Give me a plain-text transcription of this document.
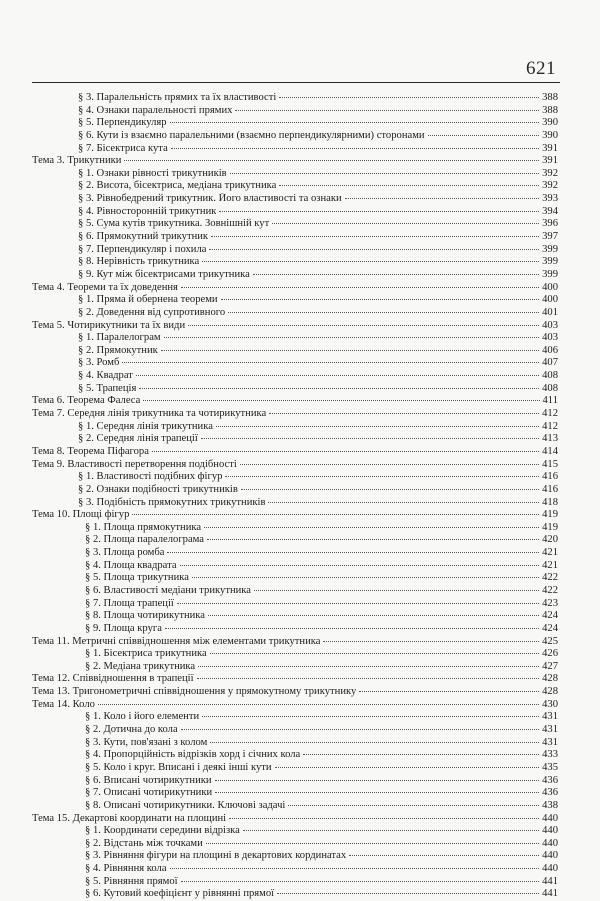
621
§ 3. Паралельність прямих та їх властивості	388
§ 4. Ознаки паралельності прямих	388
§ 5. Перпендикуляр	390
§ 6. Кути із взаємно паралельними (взаємно перпендикулярними) сторонами	390
§ 7. Бісектриса кута	391
Тема 3. Трикутники	391
§ 1. Ознаки рівності трикутників	392
§ 2. Висота, бісектриса, медіана трикутника	392
§ 3. Рівнобедрений трикутник. Його властивості та ознаки	393
§ 4. Рівносторонній трикутник	394
§ 5. Сума кутів трикутника. Зовнішній кут	396
§ 6. Прямокутний трикутник	397
§ 7. Перпендикуляр і похила	399
§ 8. Нерівність трикутника	399
§ 9. Кут між бісектрисами трикутника	399
Тема 4. Теореми та їх доведення	400
§ 1. Пряма й обернена теореми	400
§ 2. Доведення від супротивного	401
Тема 5. Чотирикутники та їх види	403
§ 1. Паралелограм	403
§ 2. Прямокутник	406
§ 3. Ромб	407
§ 4. Квадрат	408
§ 5. Трапеція	408
Тема 6. Теорема Фалеса	411
Тема 7. Середня лінія трикутника та чотирикутника	412
§ 1. Середня лінія трикутника	412
§ 2. Середня лінія трапеції	413
Тема 8. Теорема Піфагора	414
Тема 9. Властивості перетворення подібності	415
§ 1. Властивості подібних фігур	416
§ 2. Ознаки подібності трикутників	416
§ 3. Подібність прямокутних трикутників	418
Тема 10. Площі фігур	419
§ 1. Площа прямокутника	419
§ 2. Площа паралелограма	420
§ 3. Площа ромба	421
§ 4. Площа квадрата	421
§ 5. Площа трикутника	422
§ 6. Властивості медіани трикутника	422
§ 7. Площа трапеції	423
§ 8. Площа чотирикутника	424
§ 9. Площа круга	424
Тема 11. Метричні співвідношення між елементами трикутника	425
§ 1. Бісектриса трикутника	426
§ 2. Медіана трикутника	427
Тема 12. Співвідношення в трапеції	428
Тема 13. Тригонометричні співвідношення у прямокутному трикутнику	428
Тема 14. Коло	430
§ 1. Коло і його елементи	431
§ 2. Дотична до кола	431
§ 3. Кути, пов'язані з колом	431
§ 4. Пропорційність відрізків хорд і січних кола	433
§ 5. Коло і круг. Вписані і деякі інші кути	435
§ 6. Вписані чотирикутники	436
§ 7. Описані чотирикутники	436
§ 8. Описані чотирикутники. Ключові задачі	438
Тема 15. Декартові координати на площині	440
§ 1. Координати середини відрізка	440
§ 2. Відстань між точками	440
§ 3. Рівняння фігури на площині в декартових кординатах	440
§ 4. Рівняння кола	440
§ 5. Рівняння прямої	441
§ 6. Кутовий коефіцієнт у рівнянні прямої	441
